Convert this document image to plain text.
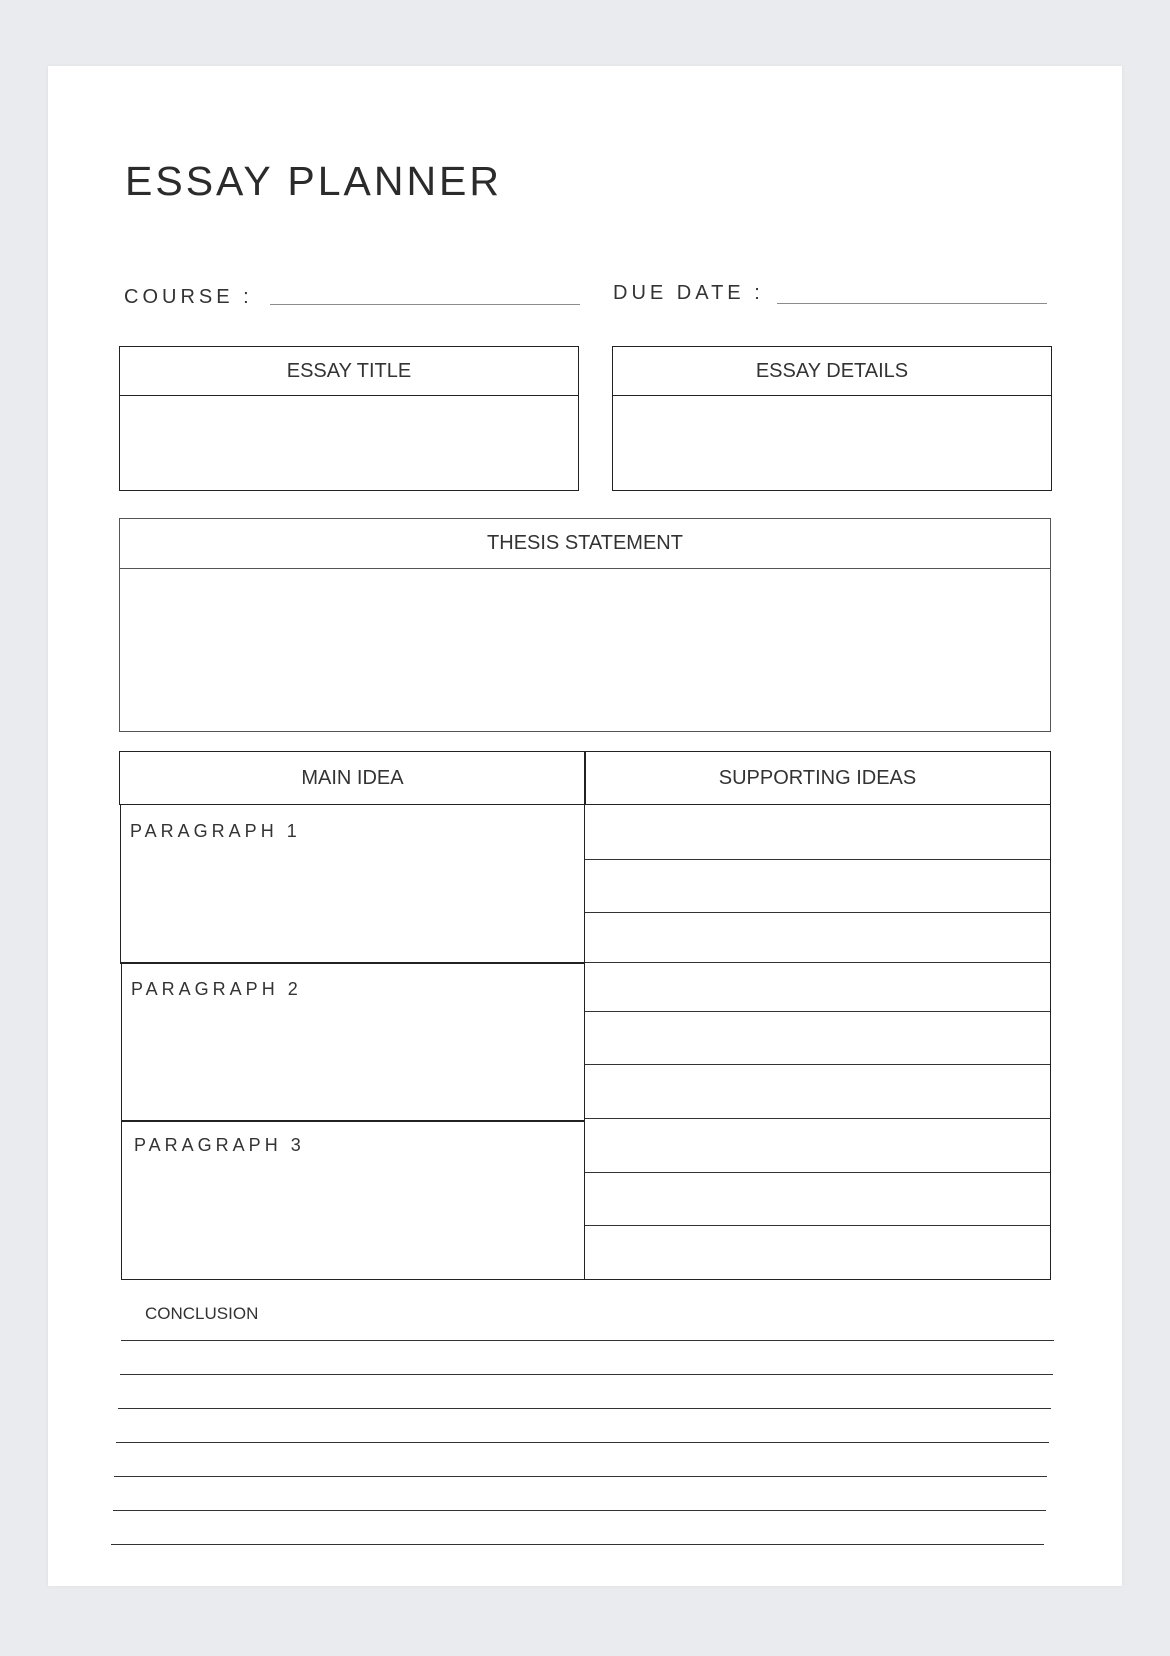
ESSAY PLANNER
COURSE :	DUE DATE :
ESSAY TITLE	ESSAY DETAILS
THESIS STATEMENT
MAIN IDEA	SUPPORTING IDEAS
PARAGRAPH 1
PARAGRAPH 2
PARAGRAPH 3
CONCLUSION
